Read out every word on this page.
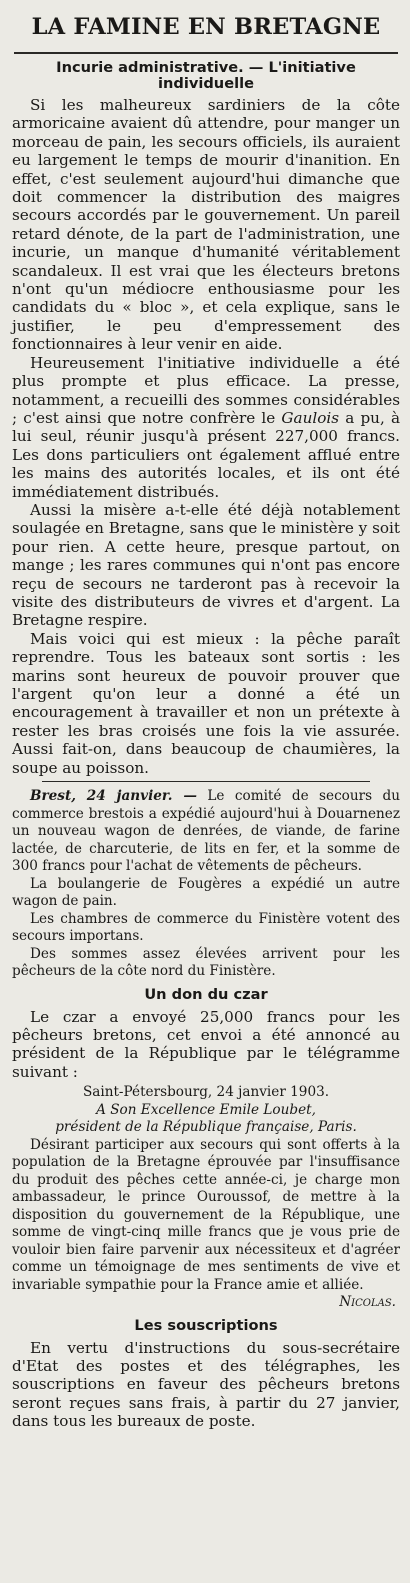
LA FAMINE EN BRETAGNE
Incurie administrative. — L'initiative individuelle

Si les malheureux sardiniers de la côte armoricaine avaient dû attendre, pour manger un morceau de pain, les secours officiels, ils auraient eu largement le temps de mourir d'inanition. En effet, c'est seulement aujourd'hui dimanche que doit commencer la distribution des maigres secours accordés par le gouvernement. Un pareil retard dénote, de la part de l'administration, une incurie, un manque d'humanité véritablement scandaleux. Il est vrai que les électeurs bretons n'ont qu'un médiocre enthousiasme pour les candidats du « bloc », et cela explique, sans le justifier, le peu d'empressement des fonctionnaires à leur venir en aide.

Heureusement l'initiative individuelle a été plus prompte et plus efficace. La presse, notamment, a recueilli des sommes considérables ; c'est ainsi que notre confrère le Gaulois a pu, à lui seul, réunir jusqu'à présent 227,000 francs. Les dons particuliers ont également afflué entre les mains des autorités locales, et ils ont été immédiatement distribués.

Aussi la misère a-t-elle été déjà notablement soulagée en Bretagne, sans que le ministère y soit pour rien. A cette heure, presque partout, on mange ; les rares communes qui n'ont pas encore reçu de secours ne tarderont pas à recevoir la visite des distributeurs de vivres et d'argent. La Bretagne respire.

Mais voici qui est mieux : la pêche paraît reprendre. Tous les bateaux sont sortis : les marins sont heureux de pouvoir prouver que l'argent qu'on leur a donné a été un encouragement à travailler et non un prétexte à rester les bras croisés une fois la vie assurée. Aussi fait-on, dans beaucoup de chaumières, la soupe au poisson.

Brest, 24 janvier. — Le comité de secours du commerce brestois a expédié aujourd'hui à Douarnenez un nouveau wagon de denrées, de viande, de farine lactée, de charcuterie, de lits en fer, et la somme de 300 francs pour l'achat de vêtements de pêcheurs.

La boulangerie de Fougères a expédié un autre wagon de pain.

Les chambres de commerce du Finistère votent des secours importans.

Des sommes assez élevées arrivent pour les pêcheurs de la côte nord du Finistère.

Un don du czar

Le czar a envoyé 25,000 francs pour les pêcheurs bretons, cet envoi a été annoncé au président de la République par le télégramme suivant :

Saint-Pétersbourg, 24 janvier 1903.
A Son Excellence Emile Loubet,
président de la République française, Paris.

Désirant participer aux secours qui sont offerts à la population de la Bretagne éprouvée par l'insuffisance du produit des pêches cette année-ci, je charge mon ambassadeur, le prince Ouroussof, de mettre à la disposition du gouvernement de la République, une somme de vingt-cinq mille francs que je vous prie de vouloir bien faire parvenir aux nécessiteux et d'agréer comme un témoignage de mes sentiments de vive et invariable sympathie pour la France amie et alliée.

Nicolas.
Les souscriptions

En vertu d'instructions du sous-secrétaire d'Etat des postes et des télégraphes, les souscriptions en faveur des pêcheurs bretons seront reçues sans frais, à partir du 27 janvier, dans tous les bureaux de poste.
